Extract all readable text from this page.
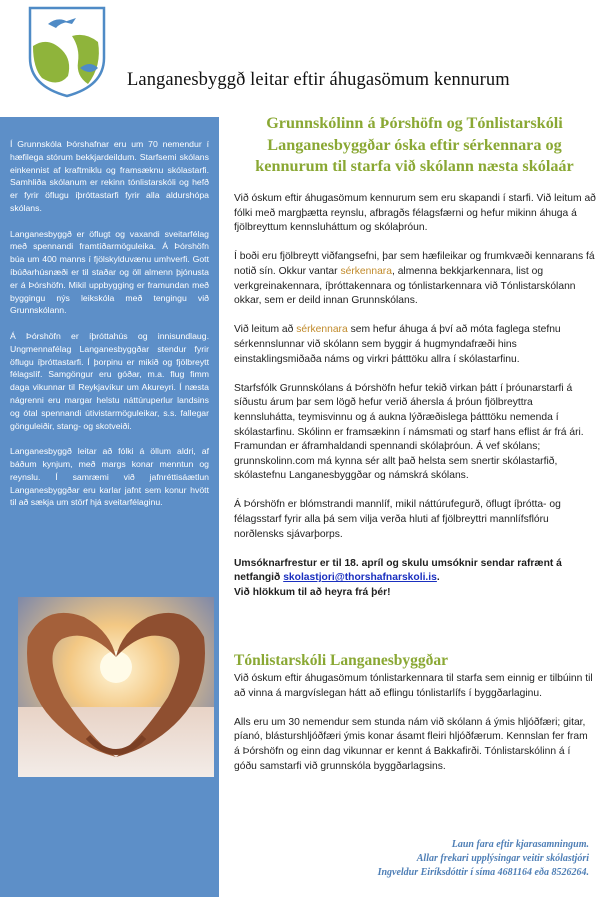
Langanesbyggð leitar eftir áhugasömum kennurum

Í Grunnskóla Þórshafnar eru um 70 nemendur í hæfilega stórum bekkjardeildum. Starfsemi skólans einkennist af kraftmiklu og framsæknu skólastarfi. Samhliða skólanum er rekinn tónlistarskóli og hefð er fyrir öflugu íþróttastarfi fyrir alla aldurshópa skólans.

Langanesbyggð er öflugt og vaxandi sveitarfélag með spennandi framtíðarmöguleika. Á Þórshöfn búa um 400 manns í fjölskylduvænu umhverfi. Gott íbúðarhúsnæði er til staðar og öll almenn þjónusta er á Þórshöfn. Mikil uppbygging er framundan með byggingu nýs leikskóla með tengingu við Grunnskólann.

Á Þórshöfn er íþróttahús og innisundlaug. Ungmennafélag Langanesbyggðar stendur fyrir öflugu íþróttastarfi. Í þorpinu er mikið og fjölbreytt félagslíf. Samgöngur eru góðar, m.a. flug fimm daga vikunnar til Reykjavíkur um Akureyri. Í næsta nágrenni eru margar helstu náttúruperlur landsins og ótal spennandi útivistarmöguleikar, s.s. fallegar gönguleiðir, stang- og skotveiði.

Langanesbyggð leitar að fólki á öllum aldri, af báðum kynjum, með margs konar menntun og reynslu. Í samræmi við jafnréttisáætlun Langanesbyggðar eru karlar jafnt sem konur hvött til að sækja um störf hjá sveitarfélaginu.

Grunnskólinn á Þórshöfn og Tónlistarskóli Langanesbyggðar óska eftir sérkennara og kennurum til starfa við skólann næsta skólaár

Við óskum eftir áhugasömum kennurum sem eru skapandi í starfi. Við leitum að fólki með margþætta reynslu, afbragðs félagsfærni og hefur mikinn áhuga á fjölbreyttum kennsluháttum og skólaþróun.

Í boði eru fjölbreytt viðfangsefni, þar sem hæfileikar og frumkvæði kennarans fá notið sín. Okkur vantar sérkennara, almenna bekkjarkennara, list og verkgreinakennara, íþróttakennara og tónlistarkennara við Tónlistarskólann okkar, sem er deild innan Grunnskólans.

Við leitum að sérkennara sem hefur áhuga á því að móta faglega stefnu sérkennslunnar við skólann sem byggir á hugmyndafræði hins einstaklingsmiðaða náms og virkri þátttöku allra í skólastarfinu.

Starfsfólk Grunnskólans á Þórshöfn hefur tekið virkan þátt í þróunarstarfi á síðustu árum þar sem lögð hefur verið áhersla á þróun fjölbreyttra kennsluhátta, teymisvinnu og á aukna lýðræðislega þátttöku nemenda í skólastarfinu. Skólinn er framsækinn í námsmati og starf hans eflist ár frá ári. Framundan er áframhaldandi spennandi skólaþróun. Á vef skólans; grunnskolinn.com má kynna sér allt það helsta sem snertir skólastarfið, skólastefnu Langanesbyggðar og námskrá skólans.

Á Þórshöfn er blómstrandi mannlíf, mikil náttúrufegurð, öflugt íþrótta- og félagsstarf fyrir alla þá sem vilja verða hluti af fjölbreyttri mannlífsflóru norðlensks sjávarþorps.

Umsóknarfrestur er til 18. apríl og skulu umsóknir sendar rafrænt á netfangið skolastjori@thorshafnarskoli.is.
Við hlökkum til að heyra frá þér!

Tónlistarskóli Langanesbyggðar

Við óskum eftir áhugasömum tónlistarkennara til starfa sem einnig er tilbúinn til að vinna á margvíslegan hátt að eflingu tónlistarlífs í byggðarlaginu.

Alls eru um 30 nemendur sem stunda nám við skólann á ýmis hljóðfæri; gitar, píanó, blásturshljóðfæri ýmis konar ásamt fleiri hljóðfærum. Kennslan fer fram á Þórshöfn og einn dag vikunnar er kennt á Bakkafirði. Tónlistarskólinn á í góðu samstarfi við grunnskóla byggðarlagsins.

Laun fara eftir kjarasamningum.
Allar frekari upplýsingar veitir skólastjóri
Ingveldur Eiríksdóttir í síma 4681164 eða 8526264.
